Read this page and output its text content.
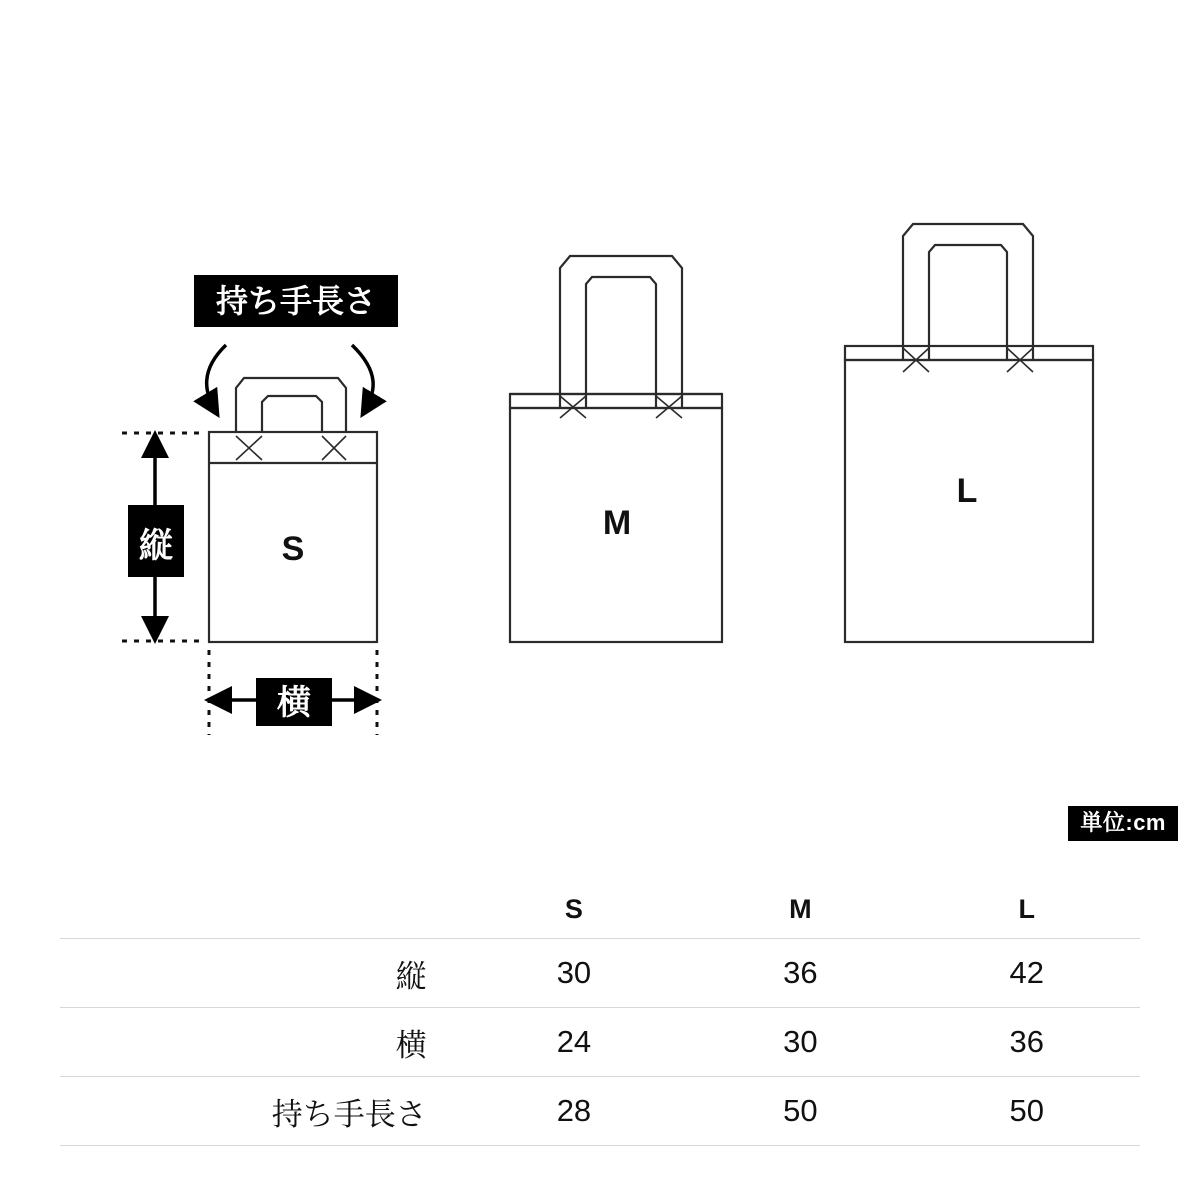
S
持ち手長さ
縦
横
M
L
単位:cm
	S	M	L
縦	30	36	42
横	24	30	36
持ち手長さ	28	50	50
